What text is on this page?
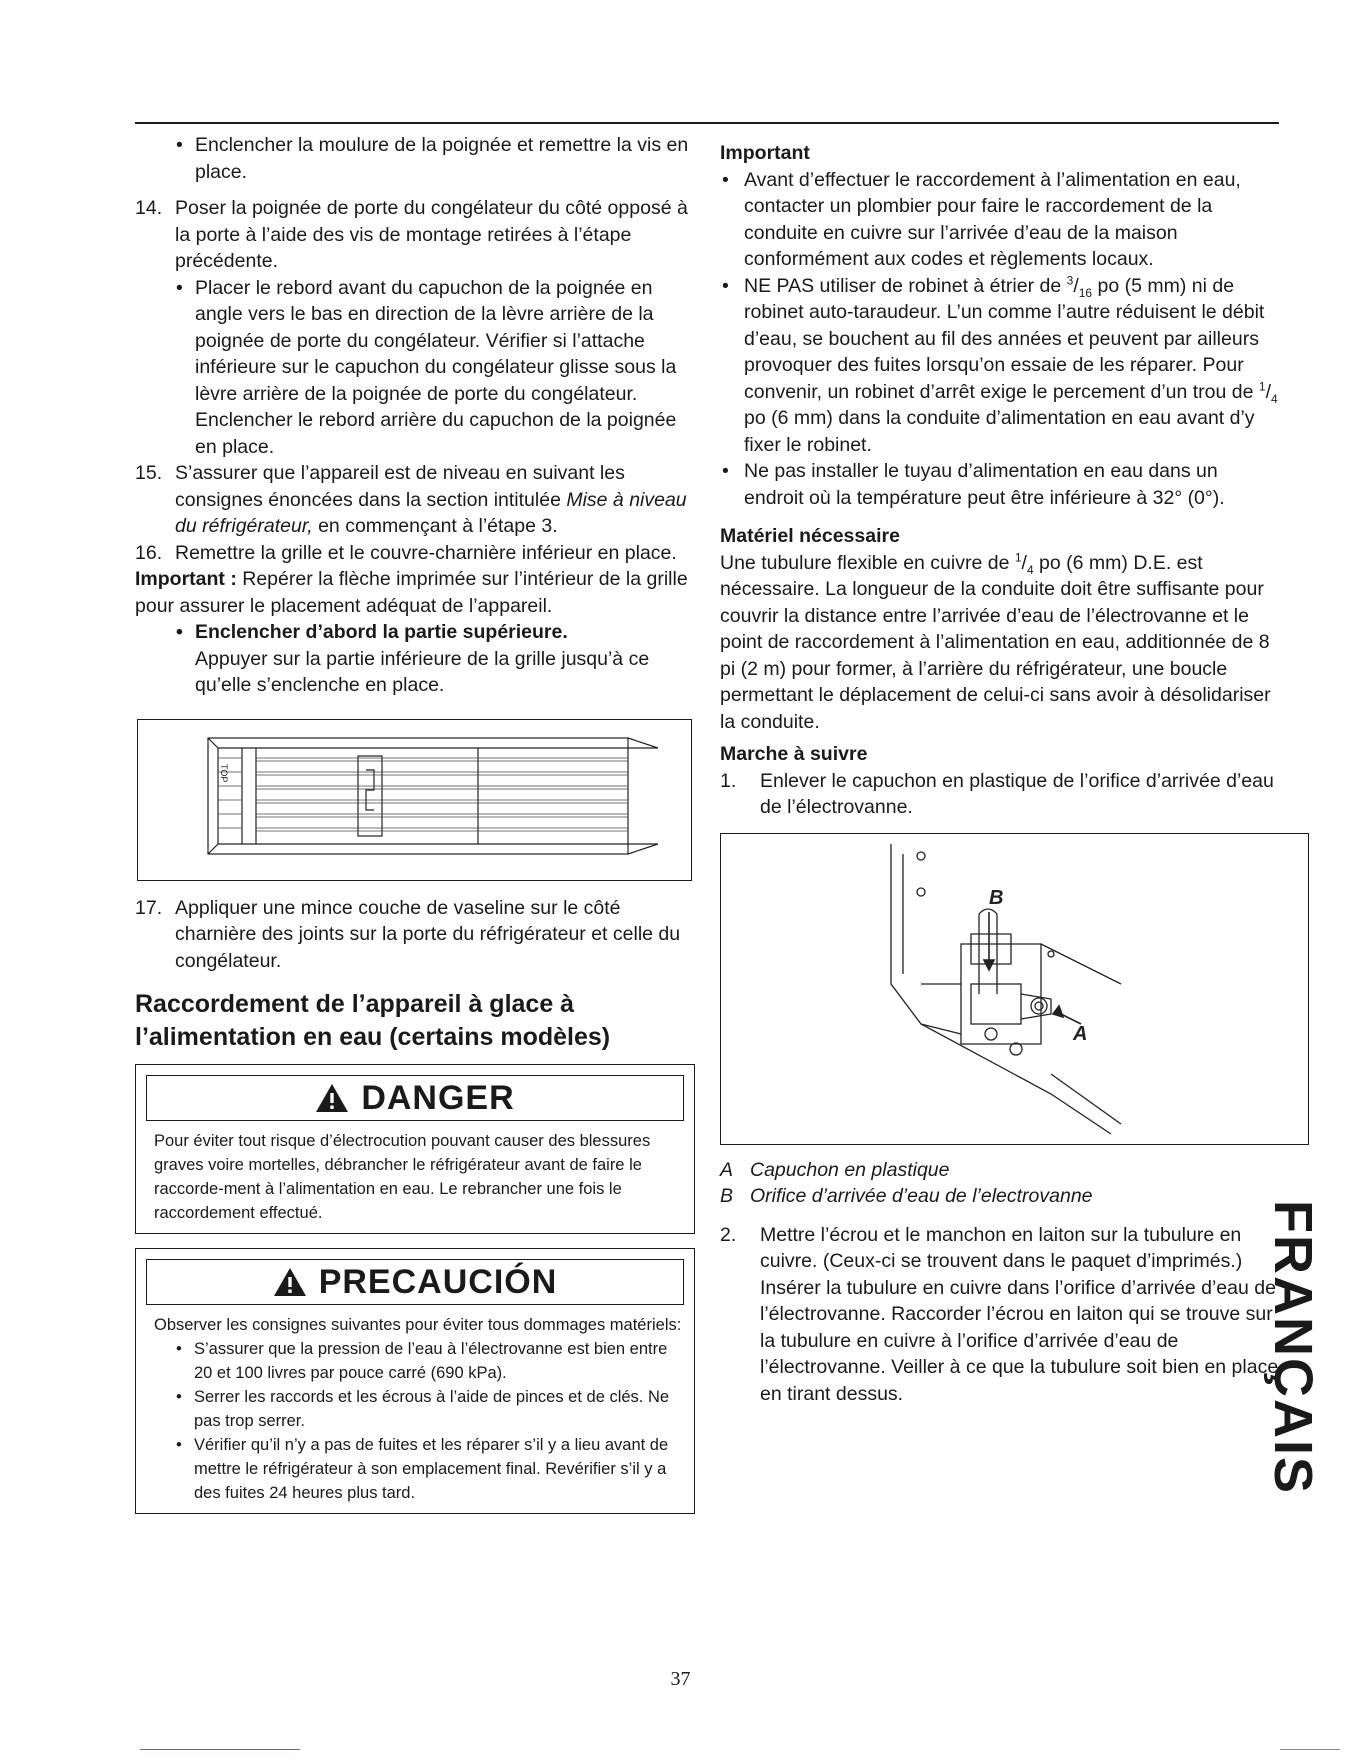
• Enclencher la moulure de la poignée et remettre la vis en place.

14. Poser la poignée de porte du congélateur du côté opposé à la porte à l’aide des vis de montage retirées à l’étape précédente.

• Placer le rebord avant du capuchon de la poignée en angle vers le bas en direction de la lèvre arrière de la poignée de porte du congélateur. Vérifier si l’attache inférieure sur le capuchon du congélateur glisse sous la lèvre arrière de la poignée de porte du congélateur. Enclencher le rebord arrière du capuchon de la poignée en place.

15. S’assurer que l’appareil est de niveau en suivant les consignes énoncées dans la section intitulée Mise à niveau du réfrigérateur, en commençant à l’étape 3.

16. Remettre la grille et le couvre-charnière inférieur en place.

Important : Repérer la flèche imprimée sur l’intérieur de la grille pour assurer le placement adéquat de l’appareil.

• Enclencher d’abord la partie supérieure.

Appuyer sur la partie inférieure de la grille jusqu’à ce qu’elle s’enclenche en place.

TOP

17. Appliquer une mince couche de vaseline sur le côté charnière des joints sur la porte du réfrigérateur et celle du congélateur.

Raccordement de l’appareil à glace à l’alimentation en eau (certains modèles)
DANGER
Pour éviter tout risque d’électrocution pouvant causer des blessures graves voire mortelles, débrancher le réfrigérateur avant de faire le raccorde-ment à l’alimentation en eau. Le rebrancher une fois le raccordement effectué.
PRECAUCIÓN
Observer les consignes suivantes pour éviter tous dommages matériels:
• S’assurer que la pression de l’eau à l’électrovanne est bien entre 20 et 100 livres par pouce carré (690 kPa).
• Serrer les raccords et les écrous à l’aide de pinces et de clés. Ne pas trop serrer.
• Vérifier qu’il n’y a pas de fuites et les réparer s’il y a lieu avant de mettre le réfrigérateur à son emplacement final. Revérifier s’il y a des fuites 24 heures plus tard.

Important

• Avant d’effectuer le raccordement à l’alimentation en eau, contacter un plombier pour faire le raccordement de la conduite en cuivre sur l’arrivée d’eau de la maison conformément aux codes et règlements locaux.

• NE PAS utiliser de robinet à étrier de $^3/_{16}$ po (5 mm) ni de robinet auto-taraudeur. L’un comme l’autre réduisent le débit d’eau, se bouchent au fil des années et peuvent par ailleurs provoquer des fuites lorsqu’on essaie de les réparer. Pour convenir, un robinet d’arrêt exige le percement d’un trou de $^1/_4$ po (6 mm) dans la conduite d’alimentation en eau avant d’y fixer le robinet.

• Ne pas installer le tuyau d’alimentation en eau dans un endroit où la température peut être inférieure à 32° (0°).

Matériel nécessaire

Une tubulure flexible en cuivre de $^1/_4$ po (6 mm) D.E. est nécessaire. La longueur de la conduite doit être suffisante pour couvrir la distance entre l’arrivée d’eau de l’électrovanne et le point de raccordement à l’alimentation en eau, additionnée de 8 pi (2 m) pour former, à l’arrière du réfrigérateur, une boucle permettant le déplacement de celui-ci sans avoir à désolidariser la conduite.

Marche à suivre

1. Enlever le capuchon en plastique de l’orifice d’arrivée d’eau de l’électrovanne.

B
A

A Capuchon en plastique

B Orifice d’arrivée d’eau de l’electrovanne

2. Mettre l’écrou et le manchon en laiton sur la tubulure en cuivre. (Ceux-ci se trouvent dans le paquet d’imprimés.) Insérer la tubulure en cuivre dans l’orifice d’arrivée d’eau de l’électrovanne. Raccorder l’écrou en laiton qui se trouve sur la tubulure en cuivre à l’orifice d’arrivée d’eau de l’électrovanne. Veiller à ce que la tubulure soit bien en place en tirant dessus.	FRANÇAIS
37
